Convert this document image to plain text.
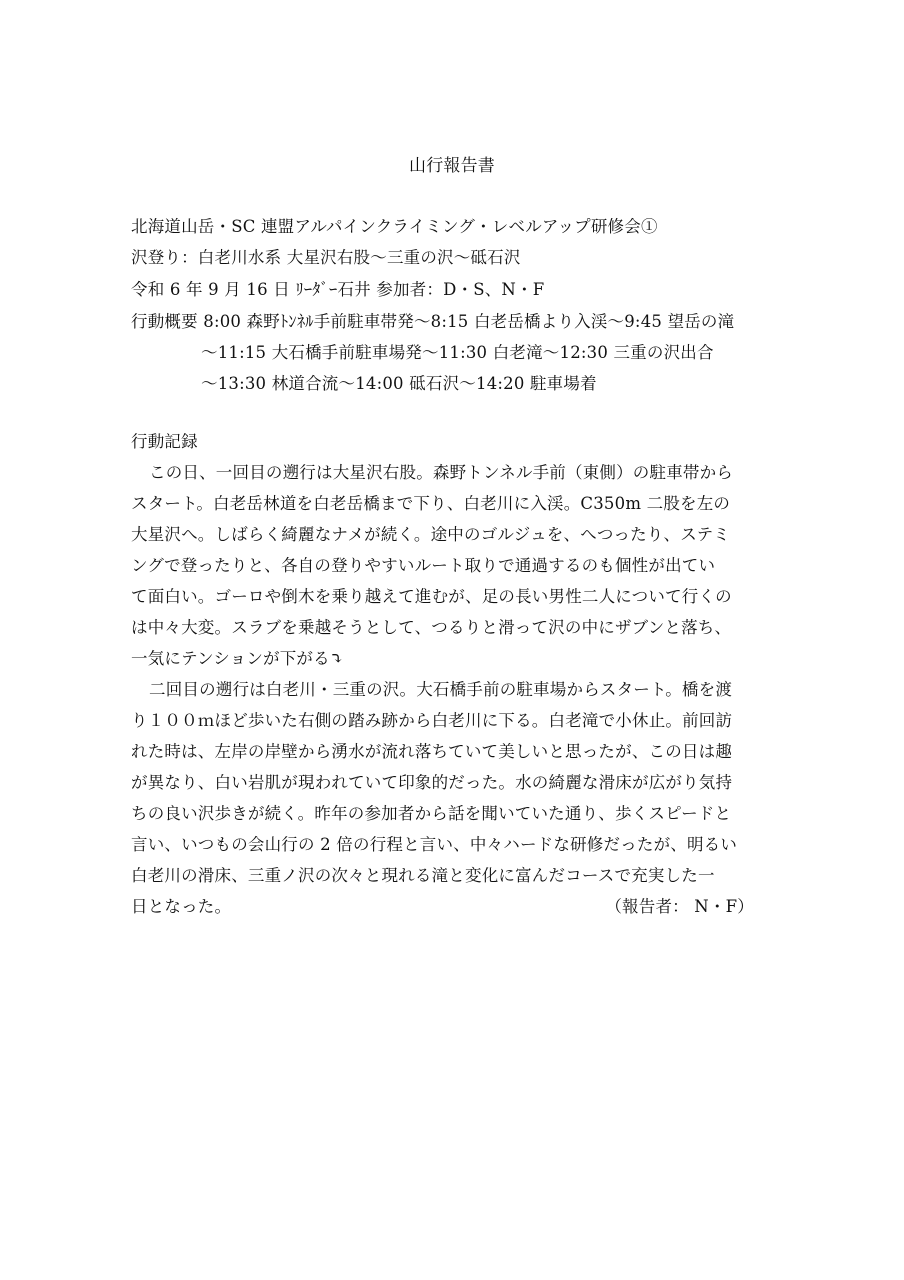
山行報告書
北海道山岳・SC 連盟アルパインクライミング・レベルアップ研修会①
沢登り：白老川水系 大星沢右股〜三重の沢〜砥石沢
令和 6 年 9 月 16 日 ﾘｰﾀﾞｰ石井 参加者：D・S、N・F
行動概要 8:00 森野ﾄﾝﾈﾙ手前駐車帯発〜8:15 白老岳橋より入渓〜9:45 望岳の滝
〜11:15 大石橋手前駐車場発〜11:30 白老滝〜12:30 三重の沢出合
〜13:30 林道合流〜14:00 砥石沢〜14:20 駐車場着
行動記録
この日、一回目の遡行は大星沢右股。森野トンネル手前（東側）の駐車帯から
スタート。白老岳林道を白老岳橋まで下り、白老川に入渓。C350m 二股を左の
大星沢へ。しばらく綺麗なナメが続く。途中のゴルジュを、へつったり、ステミ
ングで登ったりと、各自の登りやすいルート取りで通過するのも個性が出てい
て面白い。ゴーロや倒木を乗り越えて進むが、足の長い男性二人について行くの
は中々大変。スラブを乗越そうとして、つるりと滑って沢の中にザブンと落ち、
一気にテンションが下がる⤵
二回目の遡行は白老川・三重の沢。大石橋手前の駐車場からスタート。橋を渡
り１００ｍほど歩いた右側の踏み跡から白老川に下る。白老滝で小休止。前回訪
れた時は、左岸の岸壁から湧水が流れ落ちていて美しいと思ったが、この日は趣
が異なり、白い岩肌が現われていて印象的だった。水の綺麗な滑床が広がり気持
ちの良い沢歩きが続く。昨年の参加者から話を聞いていた通り、歩くスピードと
言い、いつもの会山行の 2 倍の行程と言い、中々ハードな研修だったが、明るい
白老川の滑床、三重ノ沢の次々と現れる滝と変化に富んだコースで充実した一
日となった。	（報告者： N・F）
